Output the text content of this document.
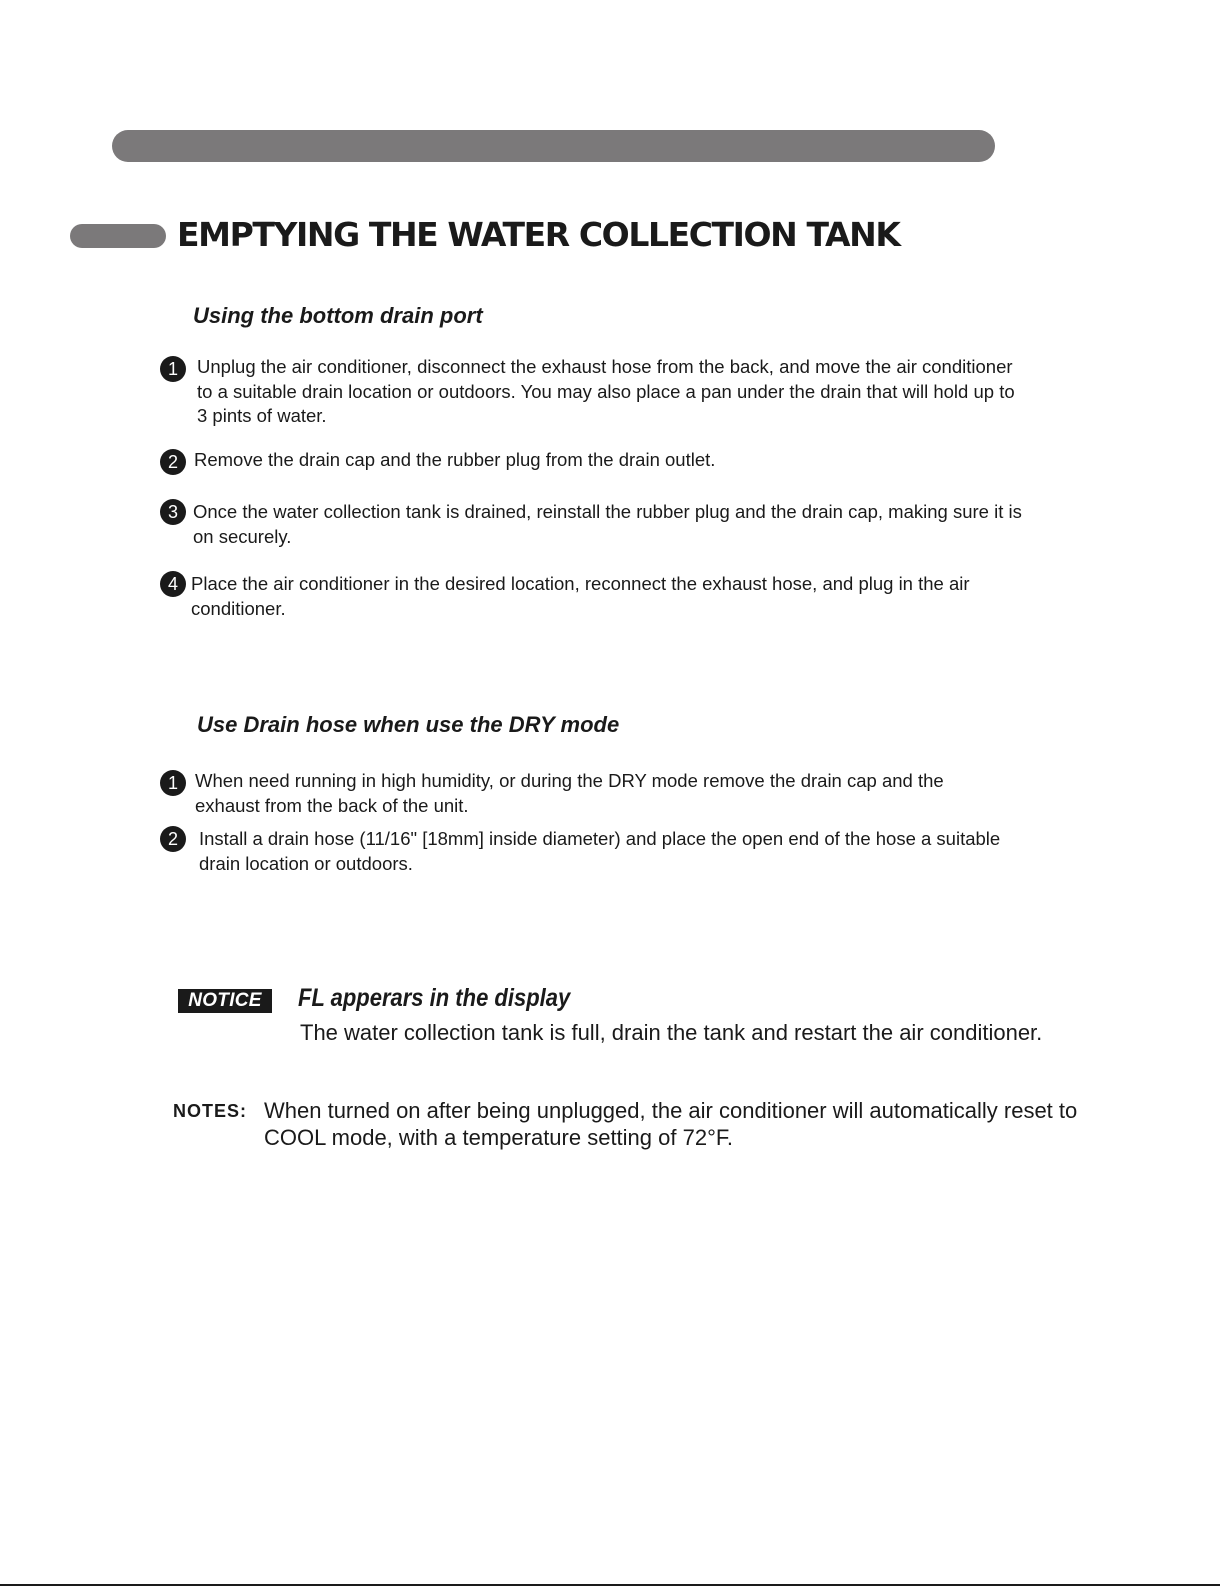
EMPTYING THE WATER COLLECTION TANK
Using the bottom drain port
1	Unplug the air conditioner, disconnect the exhaust hose from the back, and move the air conditioner
to a suitable drain location or outdoors. You may also place a pan under the drain that will hold up to
3 pints of water.
2 Remove the drain cap and the rubber plug from the drain outlet.
3 Once the water collection tank is drained, reinstall the rubber plug and the drain cap, making sure it is
on securely.
4 Place the air conditioner in the desired location, reconnect the exhaust hose, and plug in the air
conditioner.
Use Drain hose when use the DRY mode
1 When need running in high humidity, or during the DRY mode remove the drain cap and the
exhaust from the back of the unit.
2	Install a drain hose (11/16" [18mm] inside diameter) and place the open end of the hose a suitable
drain location or outdoors.
NOTICE	FL apperars in the display
The water collection tank is full, drain the tank and restart the air conditioner.
NOTES: When turned on after being unplugged, the air conditioner will automatically reset to
COOL mode, with a temperature setting of 72°F.
